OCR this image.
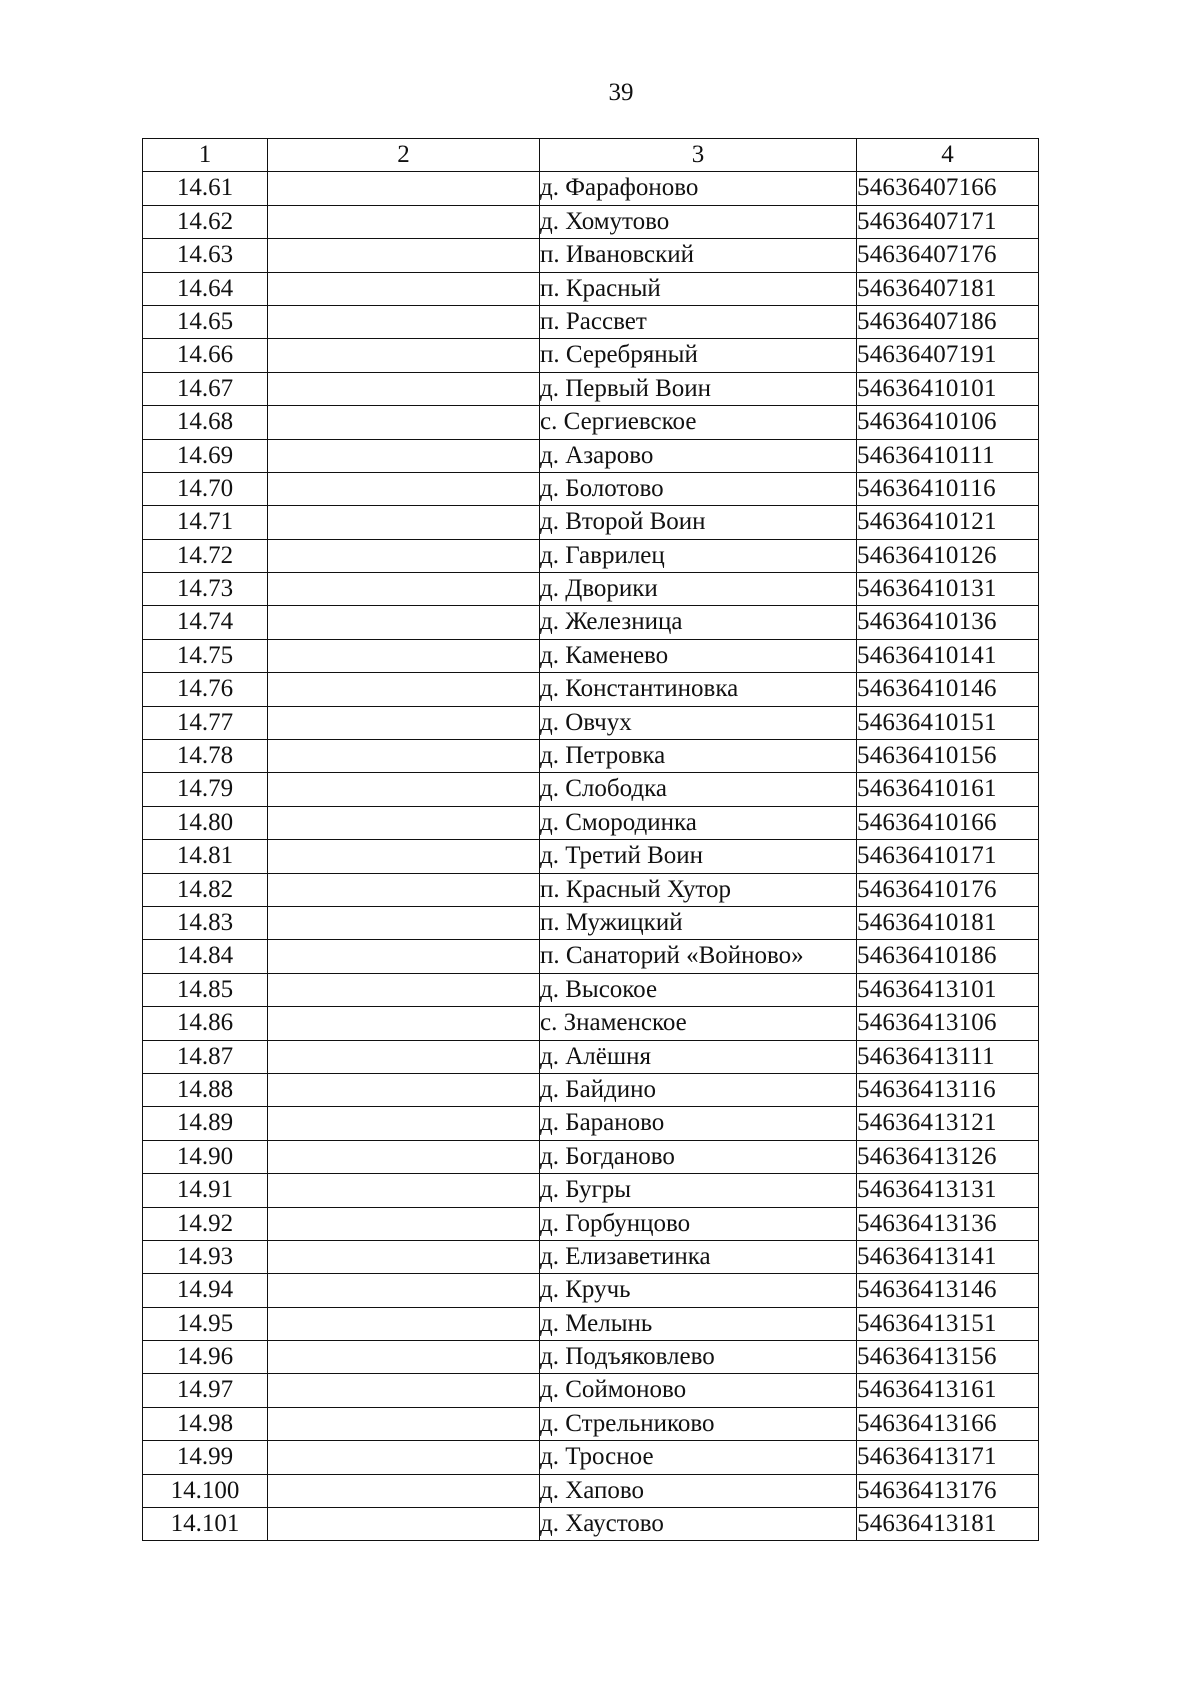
39
1	2	3	4
14.61		д. Фарафоново	54636407166
14.62		д. Хомутово	54636407171
14.63		п. Ивановский	54636407176
14.64		п. Красный	54636407181
14.65		п. Рассвет	54636407186
14.66		п. Серебряный	54636407191
14.67		д. Первый Воин	54636410101
14.68		с. Сергиевское	54636410106
14.69		д. Азарово	54636410111
14.70		д. Болотово	54636410116
14.71		д. Второй Воин	54636410121
14.72		д. Гаврилец	54636410126
14.73		д. Дворики	54636410131
14.74		д. Железница	54636410136
14.75		д. Каменево	54636410141
14.76		д. Константиновка	54636410146
14.77		д. Овчух	54636410151
14.78		д. Петровка	54636410156
14.79		д. Слободка	54636410161
14.80		д. Смородинка	54636410166
14.81		д. Третий Воин	54636410171
14.82		п. Красный Хутор	54636410176
14.83		п. Мужицкий	54636410181
14.84		п. Санаторий «Войново»	54636410186
14.85		д. Высокое	54636413101
14.86		с. Знаменское	54636413106
14.87		д. Алёшня	54636413111
14.88		д. Байдино	54636413116
14.89		д. Бараново	54636413121
14.90		д. Богданово	54636413126
14.91		д. Бугры	54636413131
14.92		д. Горбунцово	54636413136
14.93		д. Елизаветинка	54636413141
14.94		д. Кручь	54636413146
14.95		д. Мелынь	54636413151
14.96		д. Подъяковлево	54636413156
14.97		д. Соймоново	54636413161
14.98		д. Стрельниково	54636413166
14.99		д. Тросное	54636413171
14.100		д. Хапово	54636413176
14.101		д. Хаустово	54636413181
